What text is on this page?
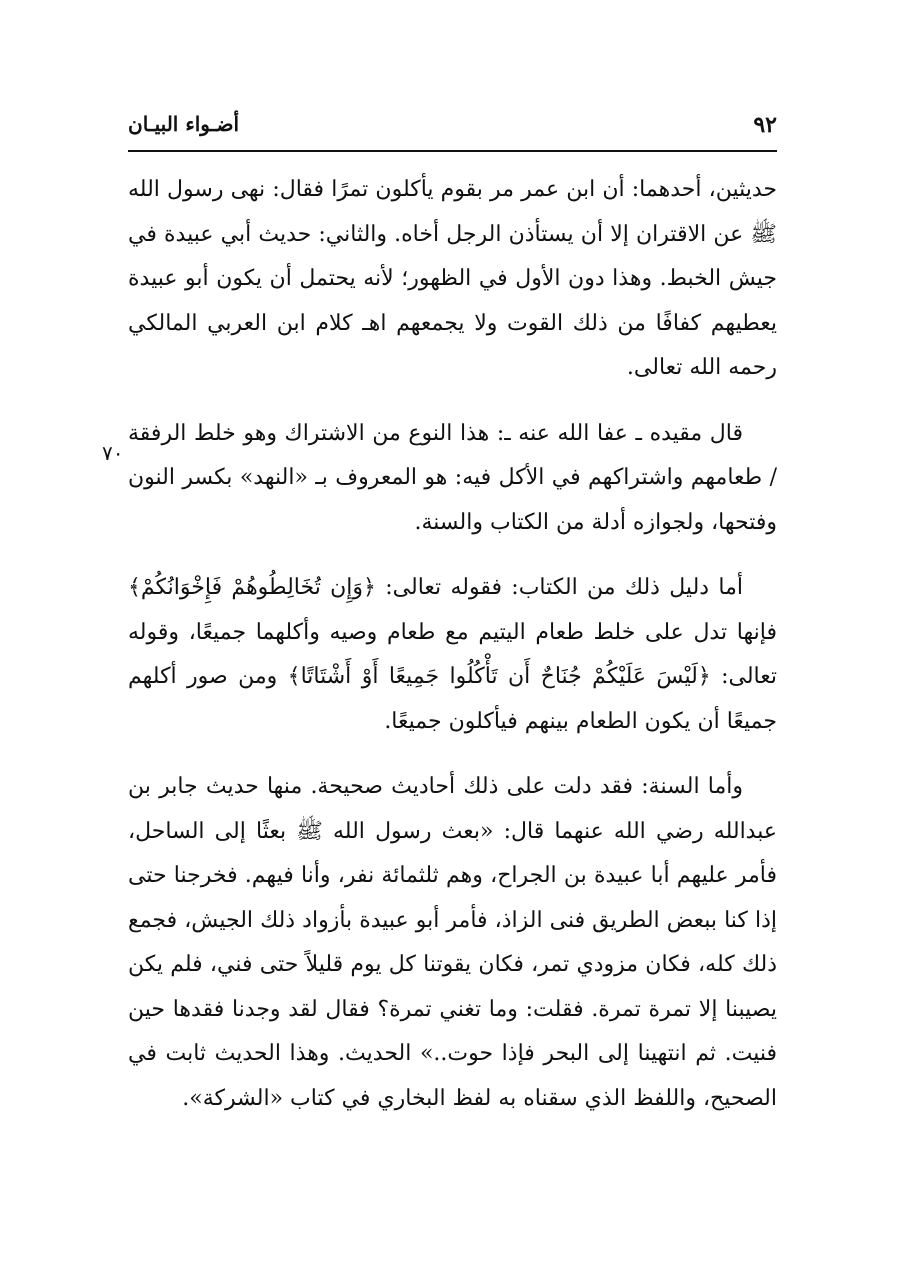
أضـواء البيـان	٩٢
٧٠

حديثين، أحدهما: أن ابن عمر مر بقوم يأكلون تمرًا فقال: نهى رسول الله ﷺ عن الاقتران إلا أن يستأذن الرجل أخاه. والثاني: حديث أبي عبيدة في جيش الخبط. وهذا دون الأول في الظهور؛ لأنه يحتمل أن يكون أبو عبيدة يعطيهم كفافًا من ذلك القوت ولا يجمعهم اهـ كلام ابن العربي المالكي رحمه الله تعالى.

قال مقيده ـ عفا الله عنه ـ: هذا النوع من الاشتراك وهو خلط الرفقة / طعامهم واشتراكهم في الأكل فيه: هو المعروف بـ «النهد» بكسر النون وفتحها، ولجوازه أدلة من الكتاب والسنة.

أما دليل ذلك من الكتاب: فقوله تعالى: ﴿وَإِن تُخَالِطُوهُمْ فَإِخْوَانُكُمْ﴾ فإنها تدل على خلط طعام اليتيم مع طعام وصيه وأكلهما جميعًا، وقوله تعالى: ﴿لَيْسَ عَلَيْكُمْ جُنَاحٌ أَن تَأْكُلُوا جَمِيعًا أَوْ أَشْتَاتًا﴾ ومن صور أكلهم جميعًا أن يكون الطعام بينهم فيأكلون جميعًا.

وأما السنة: فقد دلت على ذلك أحاديث صحيحة. منها حديث جابر بن عبدالله رضي الله عنهما قال: «بعث رسول الله ﷺ بعثًا إلى الساحل، فأمر عليهم أبا عبيدة بن الجراح، وهم ثلثمائة نفر، وأنا فيهم. فخرجنا حتى إذا كنا ببعض الطريق فنى الزاذ، فأمر أبو عبيدة بأزواد ذلك الجيش، فجمع ذلك كله، فكان مزودي تمر، فكان يقوتنا كل يوم قليلاً حتى فني، فلم يكن يصيبنا إلا تمرة تمرة. فقلت: وما تغني تمرة؟ فقال لقد وجدنا فقدها حين فنيت. ثم انتهينا إلى البحر فإذا حوت..» الحديث. وهذا الحديث ثابت في الصحيح، واللفظ الذي سقناه به لفظ البخاري في كتاب «الشركة».
